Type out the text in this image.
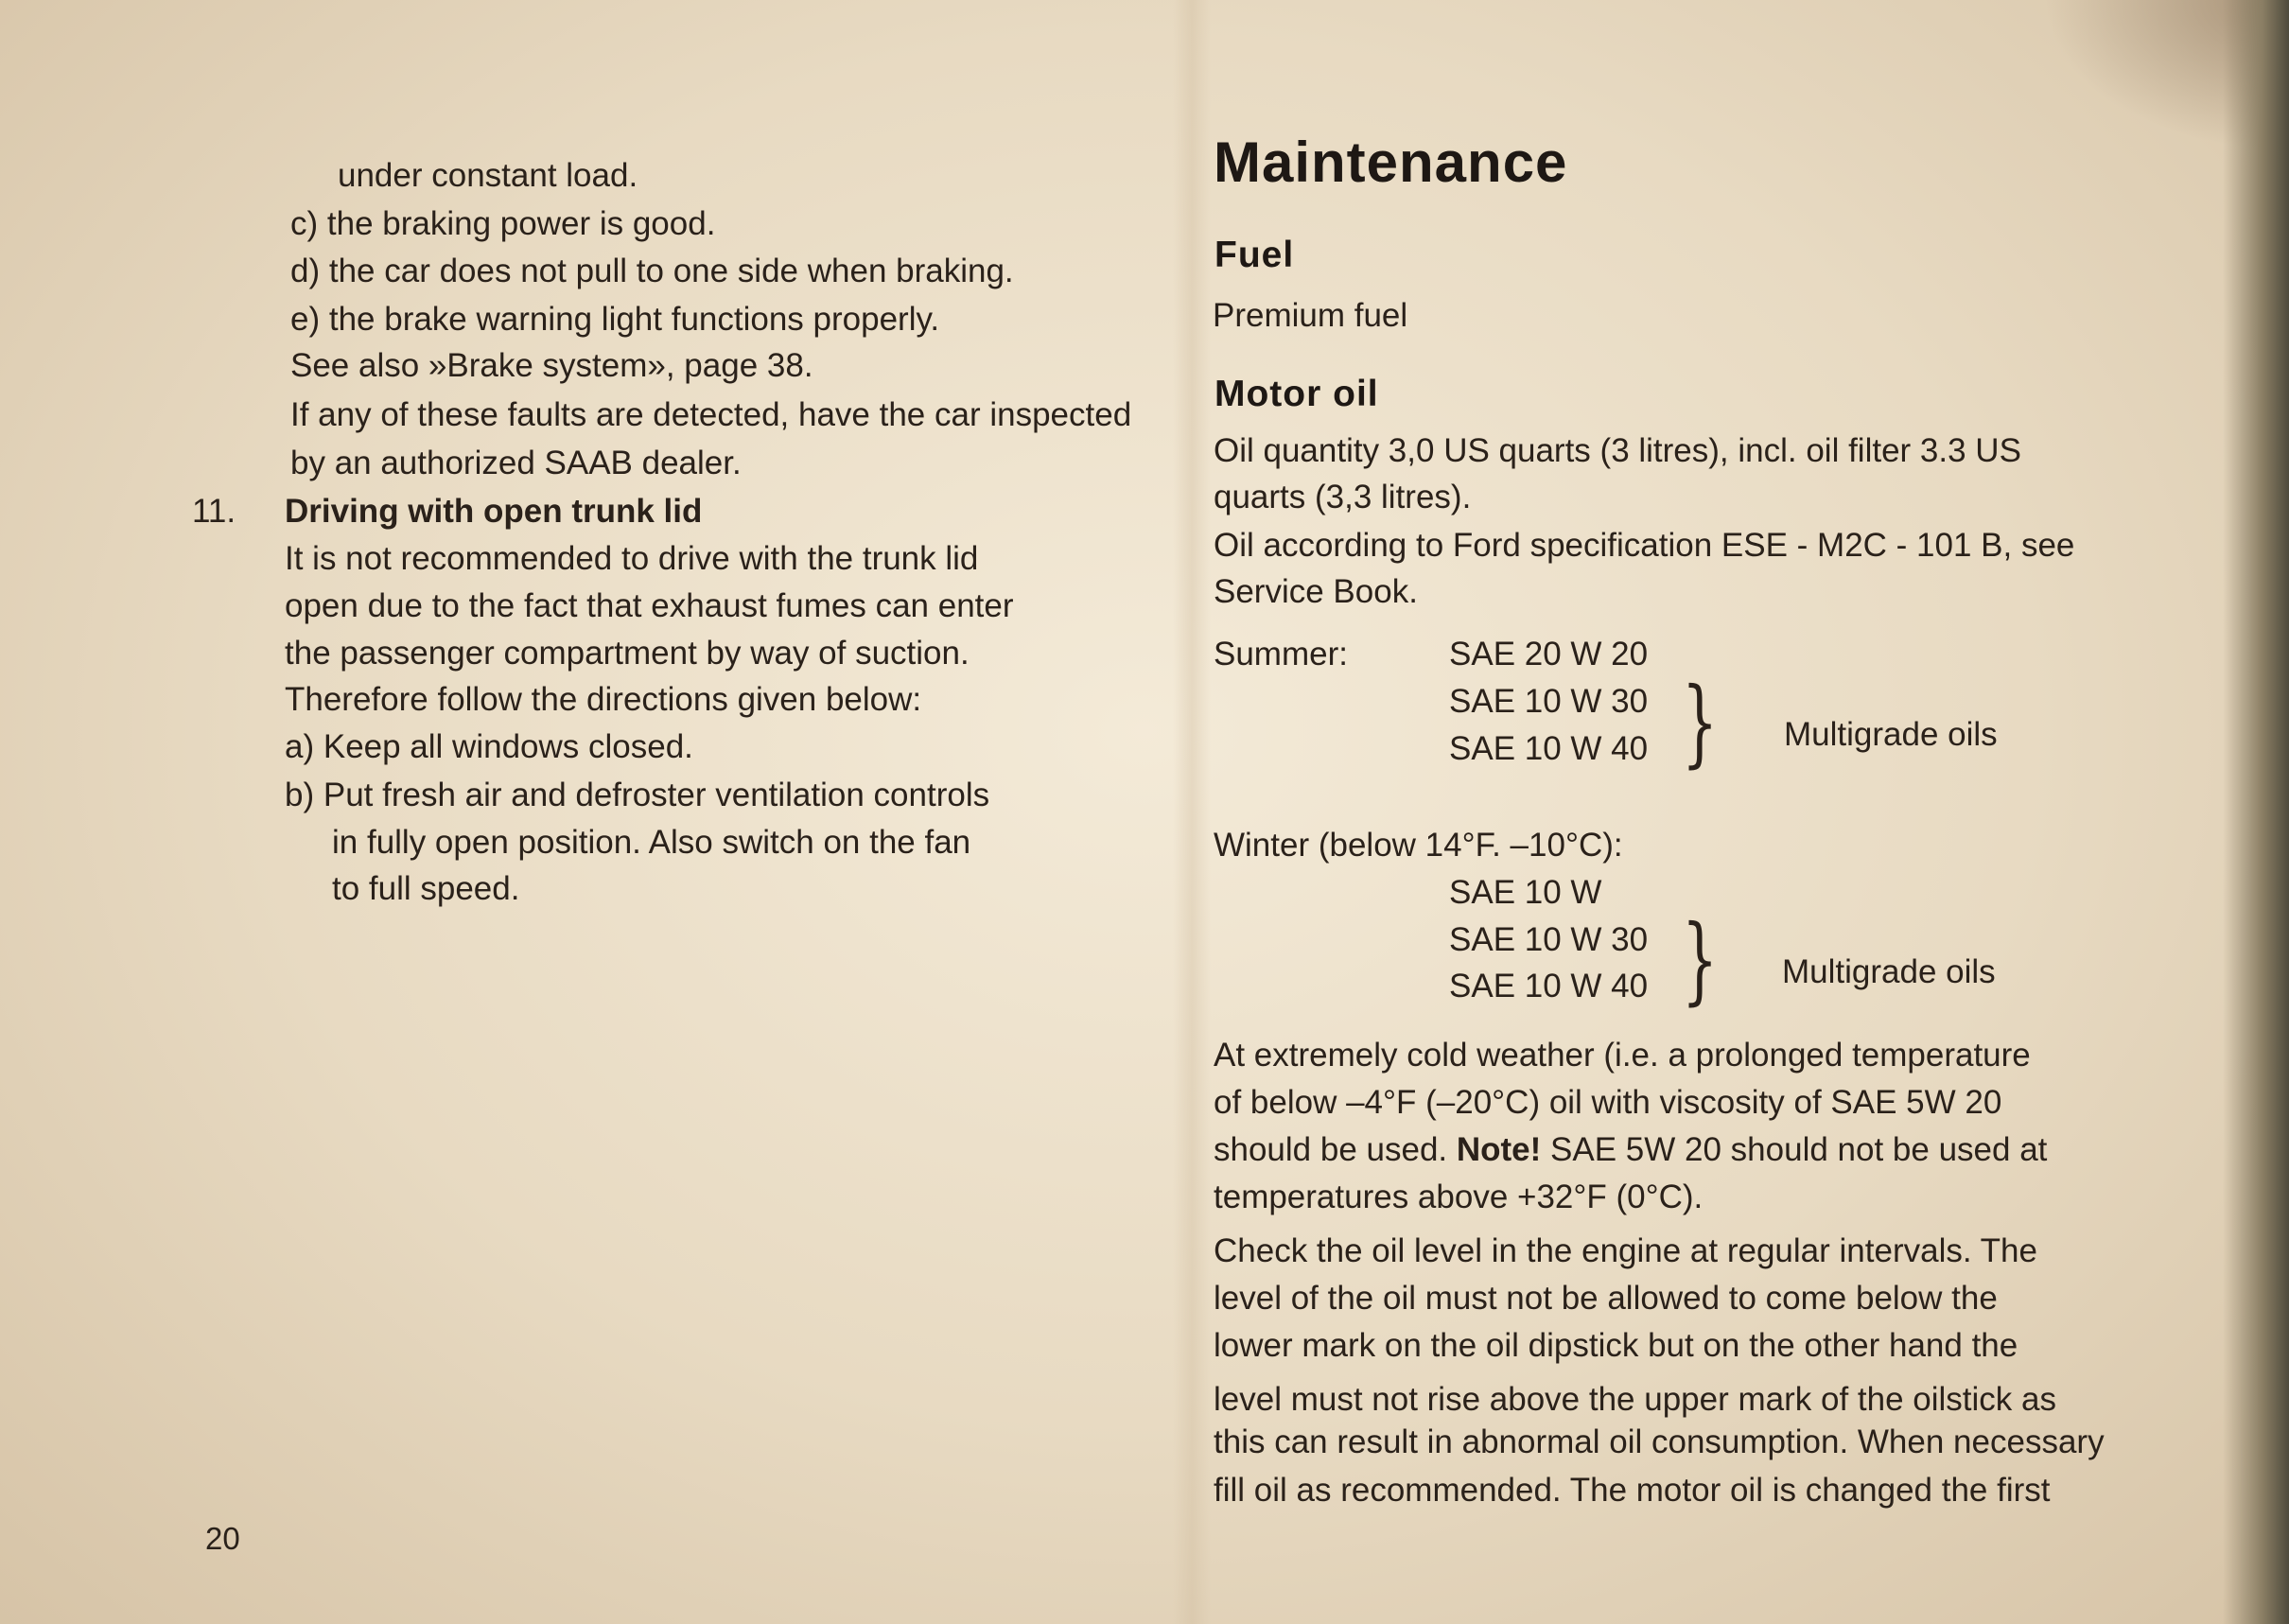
under constant load.
c) the braking power is good.
d) the car does not pull to one side when braking.
e) the brake warning light functions properly.
See also »Brake system», page 38.
If any of these faults are detected, have the car inspected
by an authorized SAAB dealer.
11. Driving with open trunk lid
It is not recommended to drive with the trunk lid
open due to the fact that exhaust fumes can enter
the passenger compartment by way of suction.
Therefore follow the directions given below:
a) Keep all windows closed.
b) Put fresh air and defroster ventilation controls
in fully open position. Also switch on the fan
to full speed.
20
Maintenance
Fuel
Premium fuel
Motor oil
Oil quantity 3,0 US quarts (3 litres), incl. oil filter 3.3 US
quarts (3,3 litres).
Oil according to Ford specification ESE - M2C - 101 B, see
Service Book.
Summer:	SAE 20 W 20
SAE 10 W 30
SAE 10 W 40 } Multigrade oils
Winter (below 14°F. –10°C):
SAE 10 W
SAE 10 W 30
SAE 10 W 40 } Multigrade oils
At extremely cold weather (i.e. a prolonged temperature
of below –4°F (–20°C) oil with viscosity of SAE 5W 20
should be used. Note! SAE 5W 20 should not be used at
temperatures above +32°F (0°C).
Check the oil level in the engine at regular intervals. The
level of the oil must not be allowed to come below the
lower mark on the oil dipstick but on the other hand the
level must not rise above the upper mark of the oilstick as
this can result in abnormal oil consumption. When necessary
fill oil as recommended. The motor oil is changed the first
